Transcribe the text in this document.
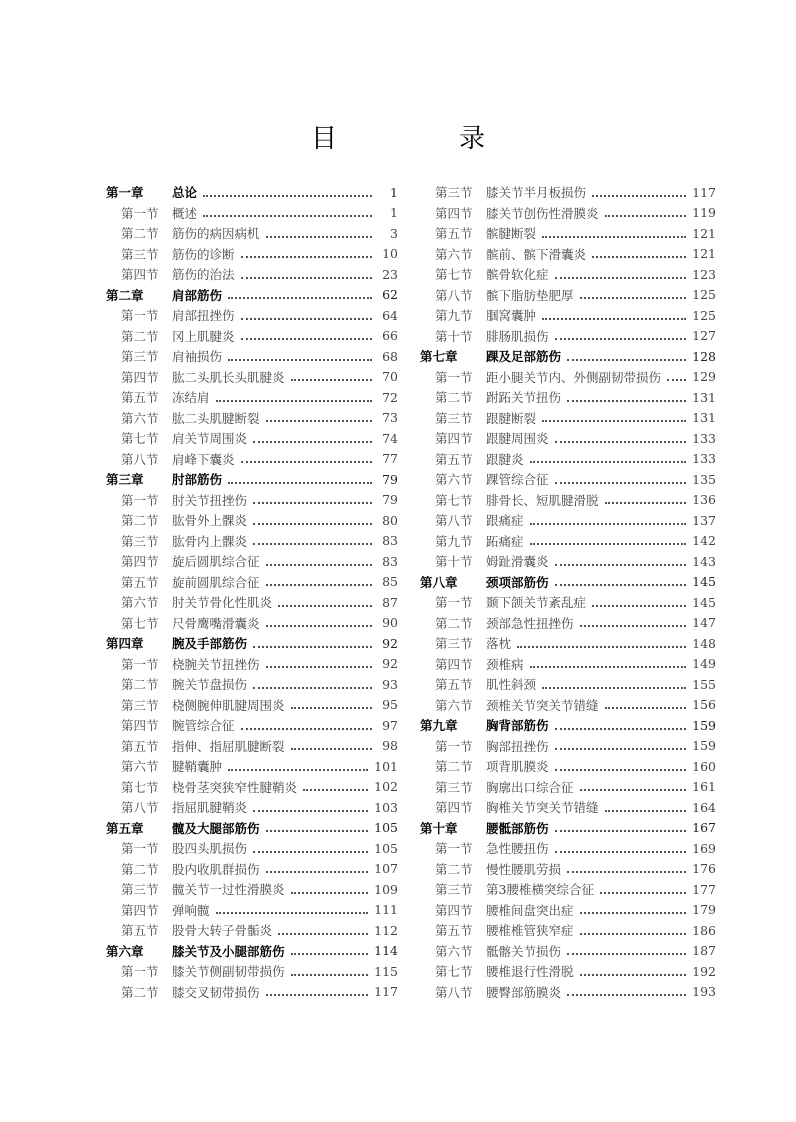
目　录
第一章	总论	1
第一节	概述	1
第二节	筋伤的病因病机	3
第三节	筋伤的诊断	10
第四节	筋伤的治法	23
第二章	肩部筋伤	62
第一节	肩部扭挫伤	64
第二节	冈上肌腱炎	66
第三节	肩袖损伤	68
第四节	肱二头肌长头肌腱炎	70
第五节	冻结肩	72
第六节	肱二头肌腱断裂	73
第七节	肩关节周围炎	74
第八节	肩峰下囊炎	77
第三章	肘部筋伤	79
第一节	肘关节扭挫伤	79
第二节	肱骨外上髁炎	80
第三节	肱骨内上髁炎	83
第四节	旋后圆肌综合征	83
第五节	旋前圆肌综合征	85
第六节	肘关节骨化性肌炎	87
第七节	尺骨鹰嘴滑囊炎	90
第四章	腕及手部筋伤	92
第一节	桡腕关节扭挫伤	92
第二节	腕关节盘损伤	93
第三节	桡侧腕伸肌腱周围炎	95
第四节	腕管综合征	97
第五节	指伸、指屈肌腱断裂	98
第六节	腱鞘囊肿	101
第七节	桡骨茎突狭窄性腱鞘炎	102
第八节	指屈肌腱鞘炎	103
第五章	髋及大腿部筋伤	105
第一节	股四头肌损伤	105
第二节	股内收肌群损伤	107
第三节	髋关节一过性滑膜炎	109
第四节	弹响髋	111
第五节	股骨大转子骨骺炎	112
第六章	膝关节及小腿部筋伤	114
第一节	膝关节侧副韧带损伤	115
第二节	膝交叉韧带损伤	117
第三节	膝关节半月板损伤	117
第四节	膝关节创伤性滑膜炎	119
第五节	髌腱断裂	121
第六节	髌前、髌下滑囊炎	121
第七节	髌骨软化症	123
第八节	髌下脂肪垫肥厚	125
第九节	腘窝囊肿	125
第十节	腓肠肌损伤	127
第七章	踝及足部筋伤	128
第一节	距小腿关节内、外侧副韧带损伤	129
第二节	跗跖关节扭伤	131
第三节	跟腱断裂	131
第四节	跟腱周围炎	133
第五节	跟腱炎	133
第六节	踝管综合征	135
第七节	腓骨长、短肌腱滑脱	136
第八节	跟痛症	137
第九节	跖痛症	142
第十节	姆趾滑囊炎	143
第八章	颈项部筋伤	145
第一节	颞下颌关节紊乱症	145
第二节	颈部急性扭挫伤	147
第三节	落枕	148
第四节	颈椎病	149
第五节	肌性斜颈	155
第六节	颈椎关节突关节错缝	156
第九章	胸背部筋伤	159
第一节	胸部扭挫伤	159
第二节	项背肌膜炎	160
第三节	胸廓出口综合征	161
第四节	胸椎关节突关节错缝	164
第十章	腰骶部筋伤	167
第一节	急性腰扭伤	169
第二节	慢性腰肌劳损	176
第三节	第3腰椎横突综合征	177
第四节	腰椎间盘突出症	179
第五节	腰椎椎管狭窄症	186
第六节	骶髂关节损伤	187
第七节	腰椎退行性滑脱	192
第八节	腰臀部筋膜炎	193
